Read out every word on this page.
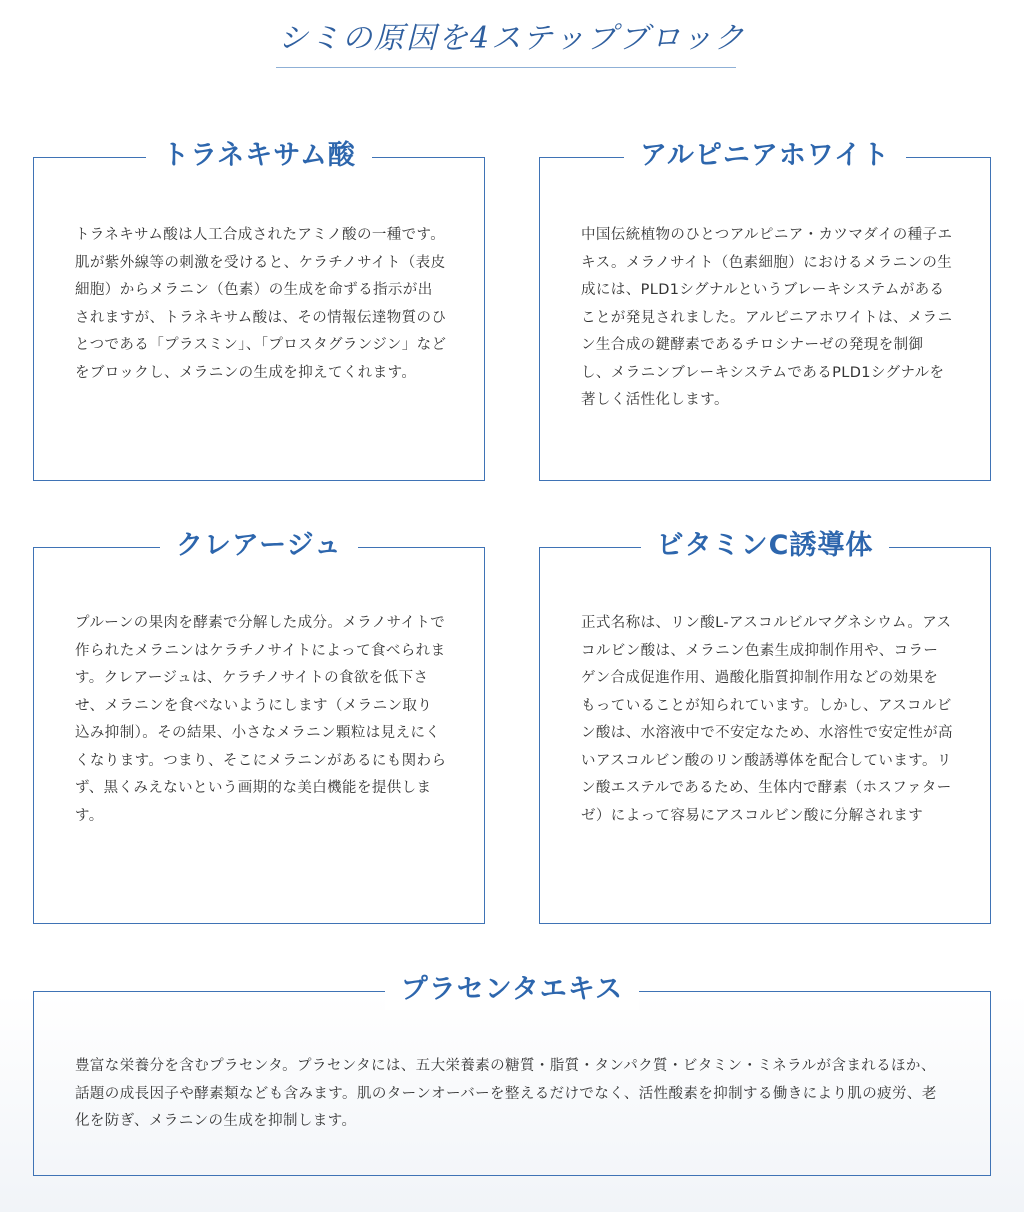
シミの原因を4ステップブロック
トラネキサム酸

トラネキサム酸は人工合成されたアミノ酸の一種です。肌が紫外線等の刺激を受けると、ケラチノサイト（表皮細胞）からメラニン（色素）の生成を命ずる指示が出されますが、トラネキサム酸は、その情報伝達物質のひとつである「プラスミン」、「プロスタグランジン」などをブロックし、メラニンの生成を抑えてくれます。

アルピニアホワイト

中国伝統植物のひとつアルピニア・カツマダイの種子エキス。メラノサイト（色素細胞）におけるメラニンの生成には、PLD1シグナルというブレーキシステムがあることが発見されました。アルピニアホワイトは、メラニン生合成の鍵酵素であるチロシナーゼの発現を制御し、メラニンブレーキシステムであるPLD1シグナルを著しく活性化します。

クレアージュ

プルーンの果肉を酵素で分解した成分。メラノサイトで作られたメラニンはケラチノサイトによって食べられます。クレアージュは、ケラチノサイトの食欲を低下させ、メラニンを食べないようにします（メラニン取り込み抑制）。その結果、小さなメラニン顆粒は見えにくくなります。つまり、そこにメラニンがあるにも関わらず、黒くみえないという画期的な美白機能を提供します。

ビタミンC誘導体

正式名称は、リン酸L-アスコルビルマグネシウム。アスコルビン酸は、メラニン色素生成抑制作用や、コラーゲン合成促進作用、過酸化脂質抑制作用などの効果をもっていることが知られています。しかし、アスコルビン酸は、水溶液中で不安定なため、水溶性で安定性が高いアスコルビン酸のリン酸誘導体を配合しています。リン酸エステルであるため、生体内で酵素（ホスファターゼ）によって容易にアスコルビン酸に分解されます

プラセンタエキス

豊富な栄養分を含むプラセンタ。プラセンタには、五大栄養素の糖質・脂質・タンパク質・ビタミン・ミネラルが含まれるほか、話題の成長因子や酵素類なども含みます。肌のターンオーバーを整えるだけでなく、活性酸素を抑制する働きにより肌の疲労、老化を防ぎ、メラニンの生成を抑制します。
